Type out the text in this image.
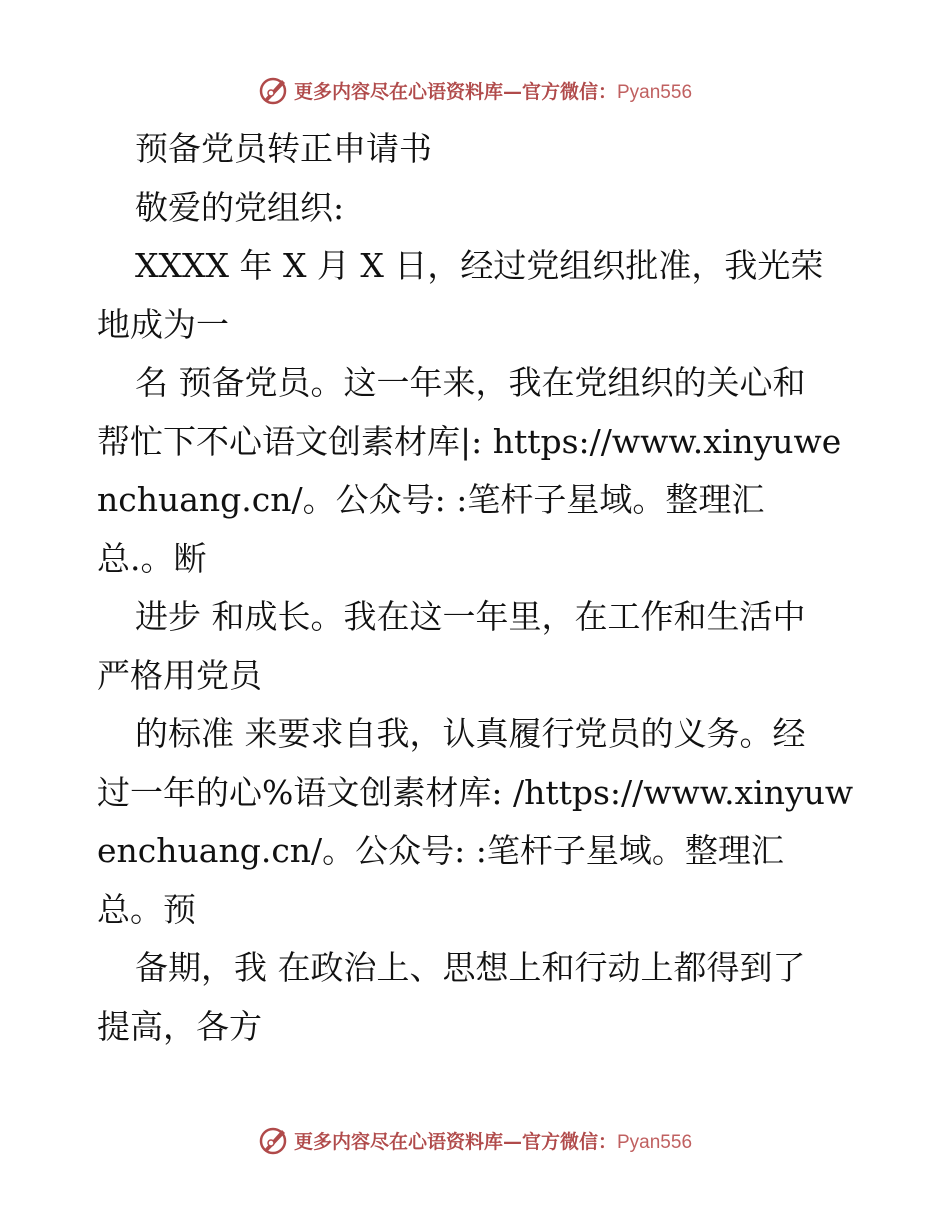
更多内容尽在心语资料库—官方微信：Pyan556
预备党员转正申请书
敬爱的党组织:
XXXX 年 X 月 X 日，经过党组织批准，我光荣
地成为一
名 预备党员。这一年来，我在党组织的关心和
帮忙下不心语文创素材库|: https://www.xinyuwe
nchuang.cn/。公众号: :笔杆子星域。整理汇
总.。断
进步 和成长。我在这一年里，在工作和生活中
严格用党员
的标准 来要求自我，认真履行党员的义务。经
过一年的心%语文创素材库: /https://www.xinyuw
enchuang.cn/。公众号: :笔杆子星域。整理汇
总。预
备期，我 在政治上、思想上和行动上都得到了
提高，各方
更多内容尽在心语资料库—官方微信：Pyan556
